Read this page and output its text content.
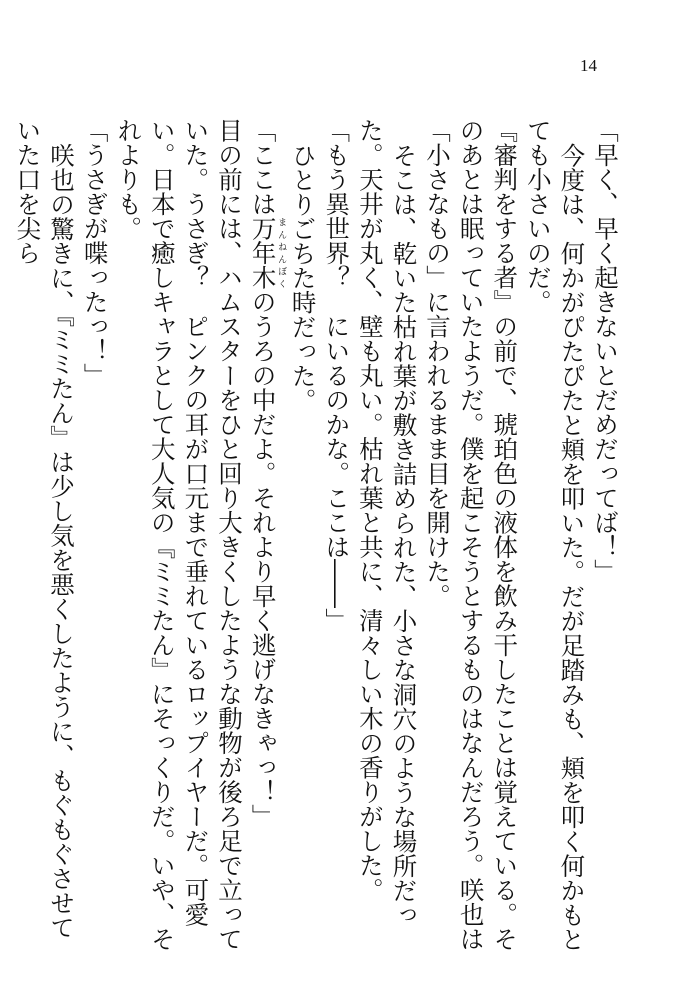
14

「早く、早く起きないとだめだってば！」

今度は、何かがぴたぴたと頬を叩いた。だが足踏みも、頬を叩く何かもとても小さいのだ。

『審判をする者』の前で、琥珀色の液体を飲み干したことは覚えている。そのあとは眠っていたようだ。僕を起こそうとするものはなんだろう。咲也は「小さなもの」に言われるまま目を開けた。

そこは、乾いた枯れ葉が敷き詰められた、小さな洞穴のような場所だった。天井が丸く、壁も丸い。枯れ葉と共に、清々しい木の香りがした。

「もう異世界？　にいるのかな。ここは――」

ひとりごちた時だった。

「ここは万年木まんねんぼくのうろの中だよ。それより早く逃げなきゃっ！」

目の前には、ハムスターをひと回り大きくしたような動物が後ろ足で立っていた。うさぎ？　ピンクの耳が口元まで垂れているロップイヤーだ。可愛い。日本で癒しキャラとして大人気の『ミミたん』にそっくりだ。いや、それよりも。

「うさぎが喋ったっ！」

咲也の驚きに、『ミミたん』は少し気を悪くしたように、もぐもぐさせていた口を尖ら
